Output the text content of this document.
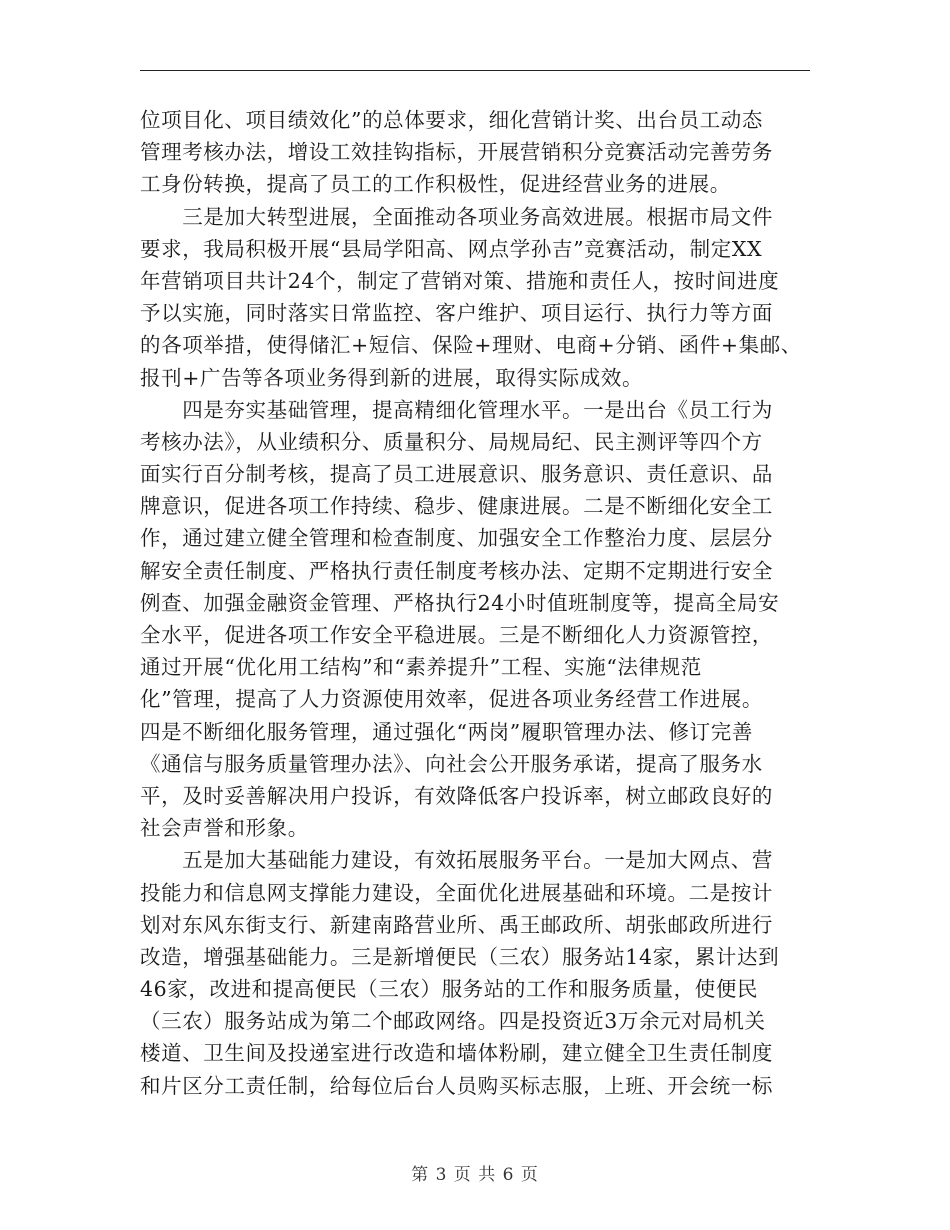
位项目化、项目绩效化”的总体要求，细化营销计奖、出台员工动态
管理考核办法，增设工效挂钩指标，开展营销积分竞赛活动完善劳务
工身份转换，提高了员工的工作积极性，促进经营业务的进展。
　　三是加大转型进展，全面推动各项业务高效进展。根据市局文件
要求，我局积极开展“县局学阳高、网点学孙吉”竞赛活动，制定XX
年营销项目共计24个，制定了营销对策、措施和责任人，按时间进度
予以实施，同时落实日常监控、客户维护、项目运行、执行力等方面
的各项举措，使得储汇+短信、保险+理财、电商+分销、函件+集邮、
报刊+广告等各项业务得到新的进展，取得实际成效。
　　四是夯实基础管理，提高精细化管理水平。一是出台《员工行为
考核办法》，从业绩积分、质量积分、局规局纪、民主测评等四个方
面实行百分制考核，提高了员工进展意识、服务意识、责任意识、品
牌意识，促进各项工作持续、稳步、健康进展。二是不断细化安全工
作，通过建立健全管理和检查制度、加强安全工作整治力度、层层分
解安全责任制度、严格执行责任制度考核办法、定期不定期进行安全
例查、加强金融资金管理、严格执行24小时值班制度等，提高全局安
全水平，促进各项工作安全平稳进展。三是不断细化人力资源管控，
通过开展“优化用工结构”和“素养提升”工程、实施“法律规范
化”管理，提高了人力资源使用效率，促进各项业务经营工作进展。
四是不断细化服务管理，通过强化“两岗”履职管理办法、修订完善
《通信与服务质量管理办法》、向社会公开服务承诺，提高了服务水
平，及时妥善解决用户投诉，有效降低客户投诉率，树立邮政良好的
社会声誉和形象。
　　五是加大基础能力建设，有效拓展服务平台。一是加大网点、营
投能力和信息网支撑能力建设，全面优化进展基础和环境。二是按计
划对东风东街支行、新建南路营业所、禹王邮政所、胡张邮政所进行
改造，增强基础能力。三是新增便民（三农）服务站14家，累计达到
46家，改进和提高便民（三农）服务站的工作和服务质量，使便民
（三农）服务站成为第二个邮政网络。四是投资近3万余元对局机关
楼道、卫生间及投递室进行改造和墙体粉刷，建立健全卫生责任制度
和片区分工责任制，给每位后台人员购买标志服，上班、开会统一标
第 3 页 共 6 页
